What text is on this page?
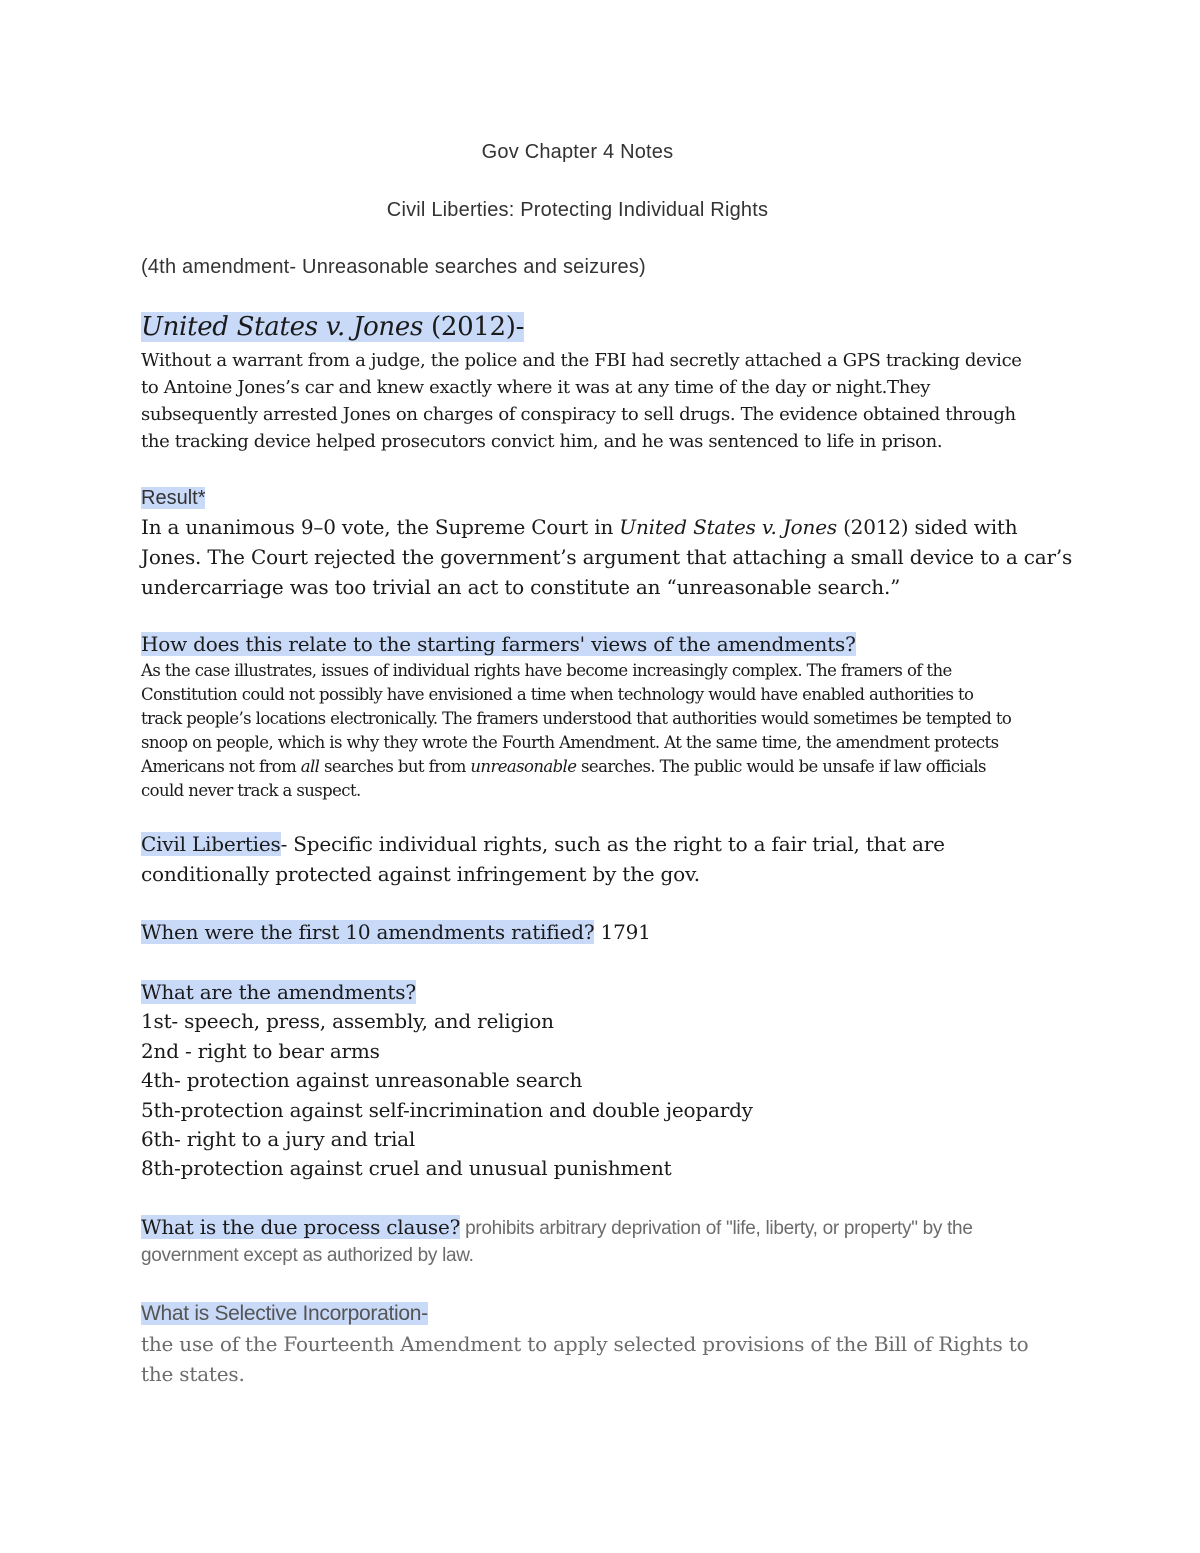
Gov Chapter 4 Notes
Civil Liberties: Protecting Individual Rights
(4th amendment- Unreasonable searches and seizures)
United States v. Jones (2012)-
Without a warrant from a judge, the police and the FBI had secretly attached a GPS tracking device
to Antoine Jones’s car and knew exactly where it was at any time of the day or night.They
subsequently arrested Jones on charges of conspiracy to sell drugs. The evidence obtained through
the tracking device helped prosecutors convict him, and he was sentenced to life in prison.
Result*
In a unanimous 9–0 vote, the Supreme Court in United States v. Jones (2012) sided with
Jones. The Court rejected the government’s argument that attaching a small device to a car’s
undercarriage was too trivial an act to constitute an “unreasonable search.”
How does this relate to the starting farmers' views of the amendments?
As the case illustrates, issues of individual rights have become increasingly complex. The framers of the
Constitution could not possibly have envisioned a time when technology would have enabled authorities to
track people’s locations electronically. The framers understood that authorities would sometimes be tempted to
snoop on people, which is why they wrote the Fourth Amendment. At the same time, the amendment protects
Americans not from all searches but from unreasonable searches. The public would be unsafe if law officials
could never track a suspect.
Civil Liberties- Specific individual rights, such as the right to a fair trial, that are
conditionally protected against infringement by the gov.
When were the first 10 amendments ratified? 1791
What are the amendments?
1st- speech, press, assembly, and religion
2nd - right to bear arms
4th- protection against unreasonable search
5th-protection against self-incrimination and double jeopardy
6th- right to a jury and trial
8th-protection against cruel and unusual punishment
What is the due process clause? prohibits arbitrary deprivation of "life, liberty, or property" by the
government except as authorized by law.
What is Selective Incorporation-
the use of the Fourteenth Amendment to apply selected provisions of the Bill of Rights to
the states.
